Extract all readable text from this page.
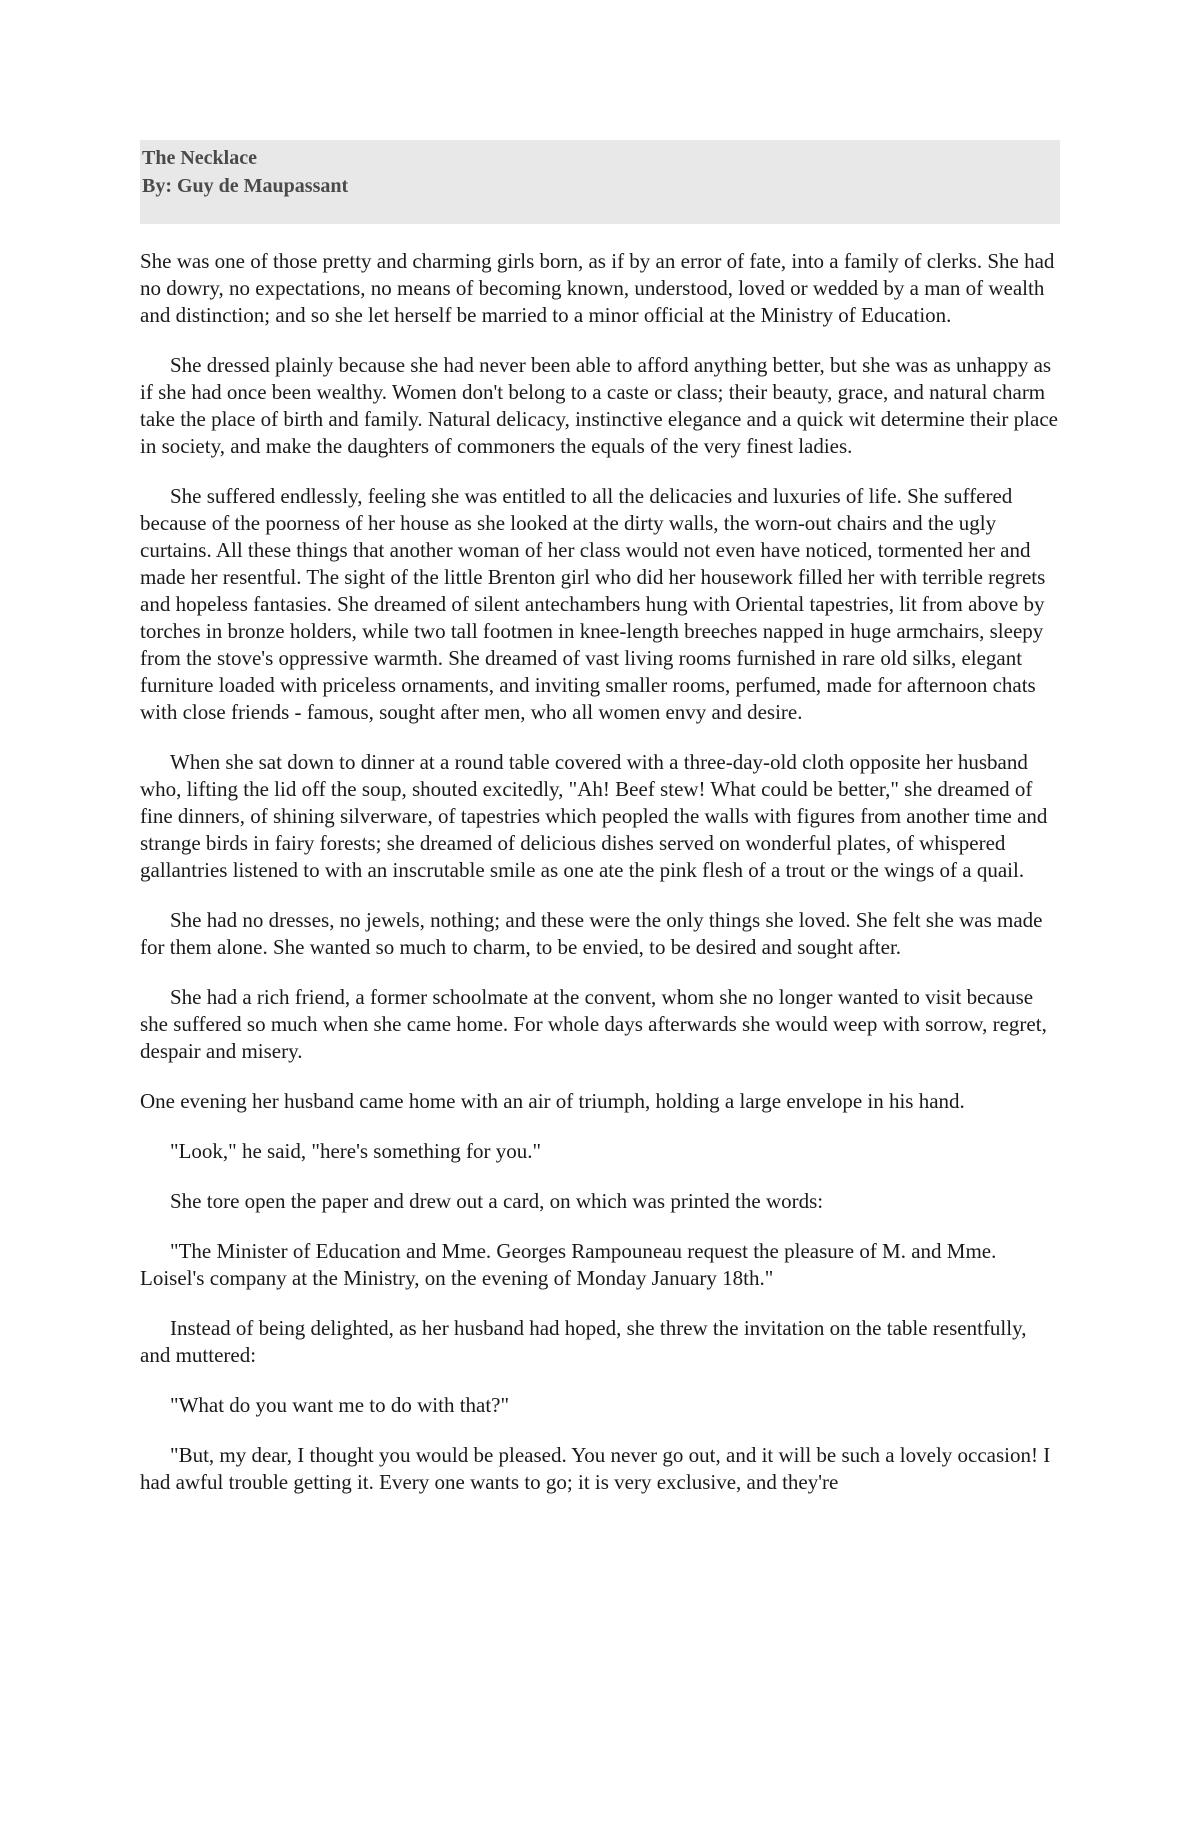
The Necklace
By: Guy de Maupassant

She was one of those pretty and charming girls born, as if by an error of fate, into a family of clerks. She had no dowry, no expectations, no means of becoming known, understood, loved or wedded by a man of wealth and distinction; and so she let herself be married to a minor official at the Ministry of Education.

She dressed plainly because she had never been able to afford anything better, but she was as unhappy as if she had once been wealthy. Women don't belong to a caste or class; their beauty, grace, and natural charm take the place of birth and family. Natural delicacy, instinctive elegance and a quick wit determine their place in society, and make the daughters of commoners the equals of the very finest ladies.

She suffered endlessly, feeling she was entitled to all the delicacies and luxuries of life. She suffered because of the poorness of her house as she looked at the dirty walls, the worn-out chairs and the ugly curtains. All these things that another woman of her class would not even have noticed, tormented her and made her resentful. The sight of the little Brenton girl who did her housework filled her with terrible regrets and hopeless fantasies. She dreamed of silent antechambers hung with Oriental tapestries, lit from above by torches in bronze holders, while two tall footmen in knee-length breeches napped in huge armchairs, sleepy from the stove's oppressive warmth. She dreamed of vast living rooms furnished in rare old silks, elegant furniture loaded with priceless ornaments, and inviting smaller rooms, perfumed, made for afternoon chats with close friends - famous, sought after men, who all women envy and desire.

When she sat down to dinner at a round table covered with a three-day-old cloth opposite her husband who, lifting the lid off the soup, shouted excitedly, "Ah! Beef stew! What could be better," she dreamed of fine dinners, of shining silverware, of tapestries which peopled the walls with figures from another time and strange birds in fairy forests; she dreamed of delicious dishes served on wonderful plates, of whispered gallantries listened to with an inscrutable smile as one ate the pink flesh of a trout or the wings of a quail.

She had no dresses, no jewels, nothing; and these were the only things she loved. She felt she was made for them alone. She wanted so much to charm, to be envied, to be desired and sought after.

She had a rich friend, a former schoolmate at the convent, whom she no longer wanted to visit because she suffered so much when she came home. For whole days afterwards she would weep with sorrow, regret, despair and misery.

One evening her husband came home with an air of triumph, holding a large envelope in his hand.

"Look," he said, "here's something for you."

She tore open the paper and drew out a card, on which was printed the words:

"The Minister of Education and Mme. Georges Rampouneau request the pleasure of M. and Mme. Loisel's company at the Ministry, on the evening of Monday January 18th."

Instead of being delighted, as her husband had hoped, she threw the invitation on the table resentfully, and muttered:

"What do you want me to do with that?"

"But, my dear, I thought you would be pleased. You never go out, and it will be such a lovely occasion! I had awful trouble getting it. Every one wants to go; it is very exclusive, and they're
